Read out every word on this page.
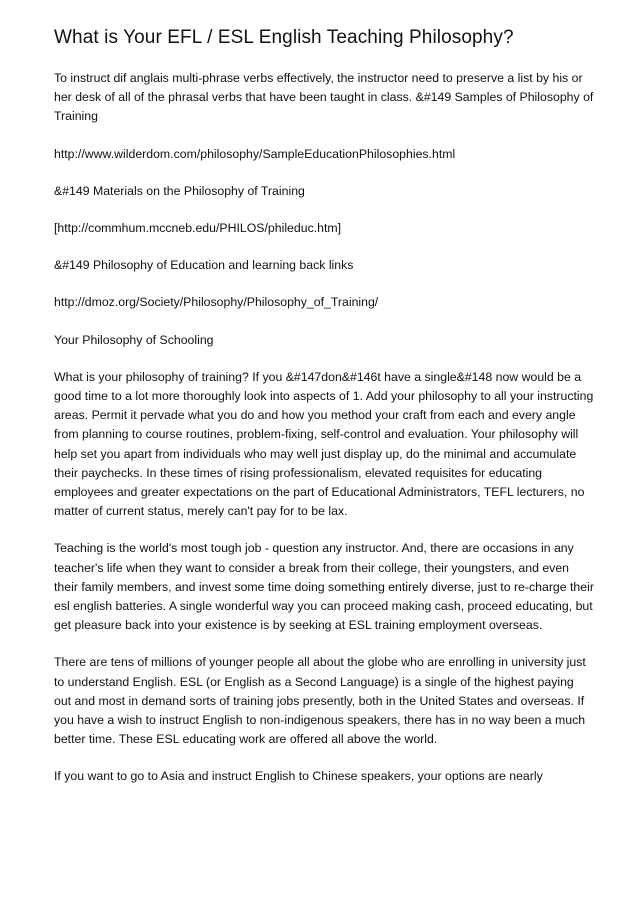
What is Your EFL / ESL English Teaching Philosophy?

To instruct dif anglais multi-phrase verbs effectively, the instructor need to preserve a list by his or her desk of all of the phrasal verbs that have been taught in class. &#149 Samples of Philosophy of Training

http://www.wilderdom.com/philosophy/SampleEducationPhilosophies.html

&#149 Materials on the Philosophy of Training

[http://commhum.mccneb.edu/PHILOS/phileduc.htm]

&#149 Philosophy of Education and learning back links

http://dmoz.org/Society/Philosophy/Philosophy_of_Training/

Your Philosophy of Schooling

What is your philosophy of training? If you &#147don&#146t have a single&#148 now would be a good time to a lot more thoroughly look into aspects of 1. Add your philosophy to all your instructing areas. Permit it pervade what you do and how you method your craft from each and every angle from planning to course routines, problem-fixing, self-control and evaluation. Your philosophy will help set you apart from individuals who may well just display up, do the minimal and accumulate their paychecks. In these times of rising professionalism, elevated requisites for educating employees and greater expectations on the part of Educational Administrators, TEFL lecturers, no matter of current status, merely can't pay for to be lax.

Teaching is the world's most tough job - question any instructor. And, there are occasions in any teacher's life when they want to consider a break from their college, their youngsters, and even their family members, and invest some time doing something entirely diverse, just to re-charge their esl english batteries. A single wonderful way you can proceed making cash, proceed educating, but get pleasure back into your existence is by seeking at ESL training employment overseas.

There are tens of millions of younger people all about the globe who are enrolling in university just to understand English. ESL (or English as a Second Language) is a single of the highest paying out and most in demand sorts of training jobs presently, both in the United States and overseas. If you have a wish to instruct English to non-indigenous speakers, there has in no way been a much better time. These ESL educating work are offered all above the world.

If you want to go to Asia and instruct English to Chinese speakers, your options are nearly
